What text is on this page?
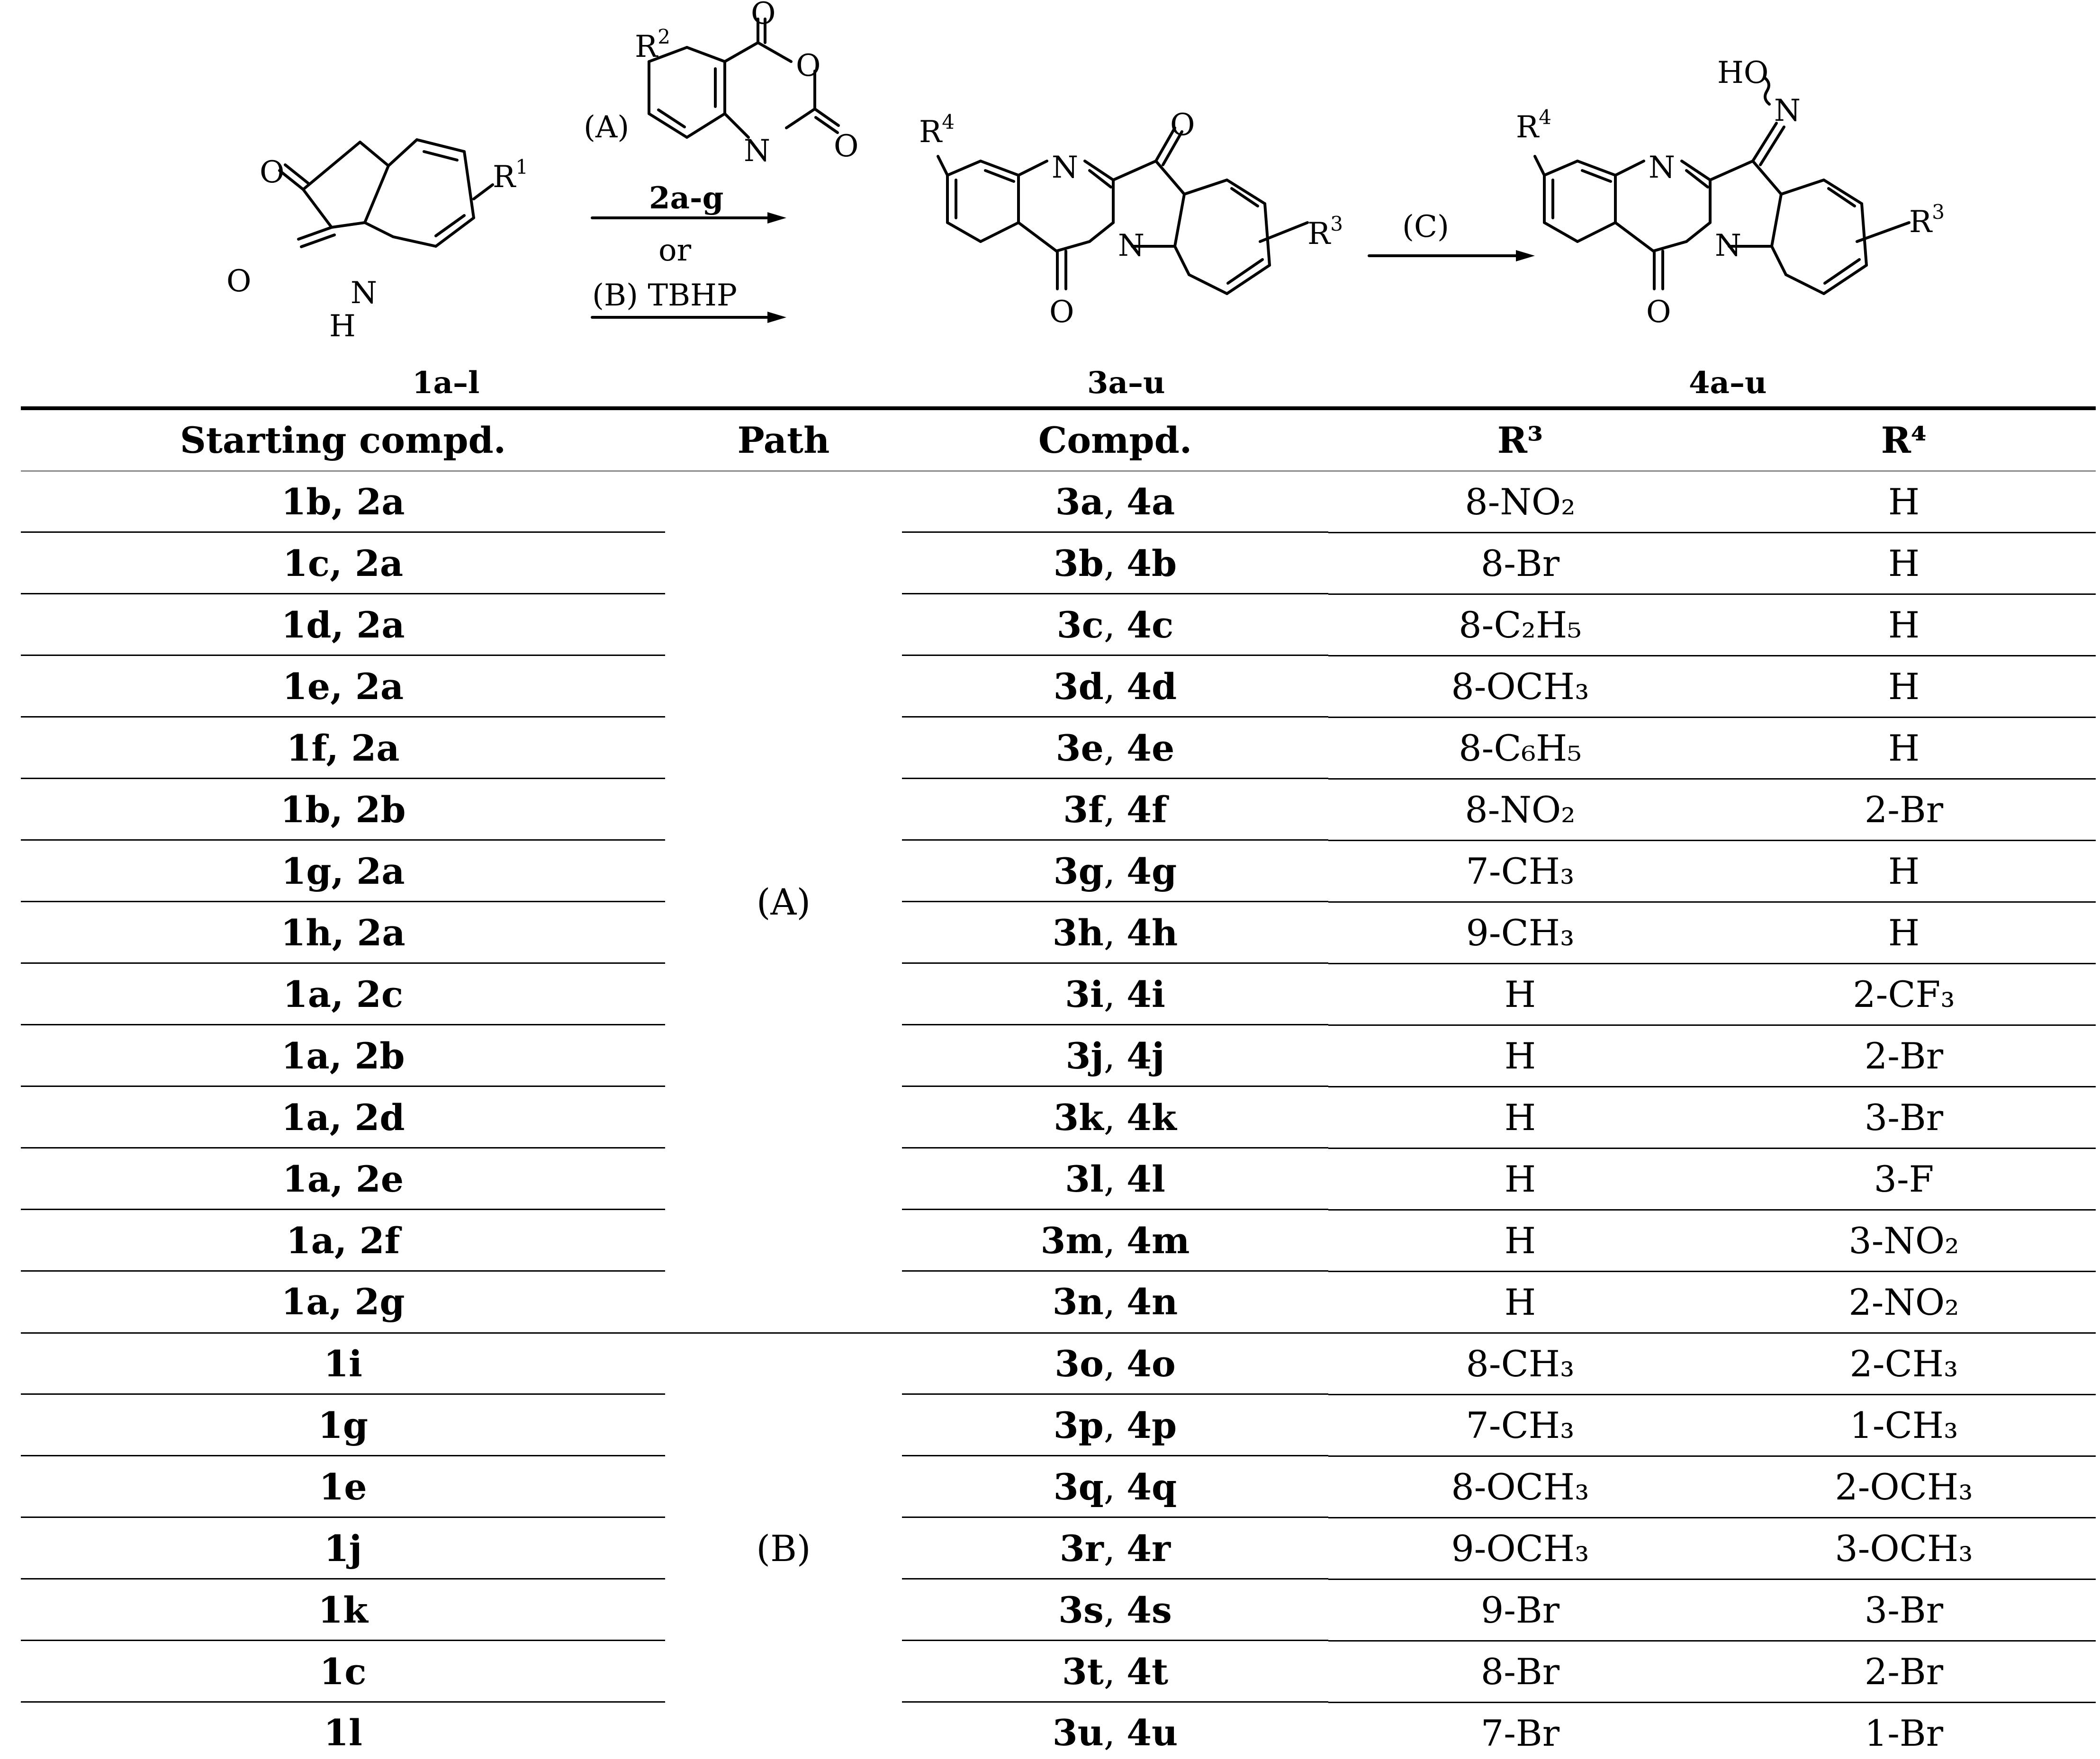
O
O	N
H
$R^1$
1a–l
O
O
O
N
$R^2$
(A)
2a-g
or
(B) TBHP
N
N
O
O
$R^4$
$R^3$
3a–u
(C)
HO
N
N
N
O
$R^4$
$R^3$
4a–u
Starting compd.	Path	Compd.	R³	R⁴
1b, 2a	(A)	3a, 4a	8-NO₂	H
1c, 2a		3b, 4b	8-Br	H
1d, 2a		3c, 4c	8-C₂H₅	H
1e, 2a		3d, 4d	8-OCH₃	H
1f, 2a		3e, 4e	8-C₆H₅	H
1b, 2b		3f, 4f	8-NO₂	2-Br
1g, 2a		3g, 4g	7-CH₃	H
1h, 2a		3h, 4h	9-CH₃	H
1a, 2c		3i, 4i	H	2-CF₃
1a, 2b		3j, 4j	H	2-Br
1a, 2d		3k, 4k	H	3-Br
1a, 2e		3l, 4l	H	3-F
1a, 2f		3m, 4m	H	3-NO₂
1a, 2g		3n, 4n	H	2-NO₂
1i	(B)	3o, 4o	8-CH₃	2-CH₃
1g		3p, 4p	7-CH₃	1-CH₃
1e		3q, 4q	8-OCH₃	2-OCH₃
1j		3r, 4r	9-OCH₃	3-OCH₃
1k		3s, 4s	9-Br	3-Br
1c		3t, 4t	8-Br	2-Br
1l		3u, 4u	7-Br	1-Br
